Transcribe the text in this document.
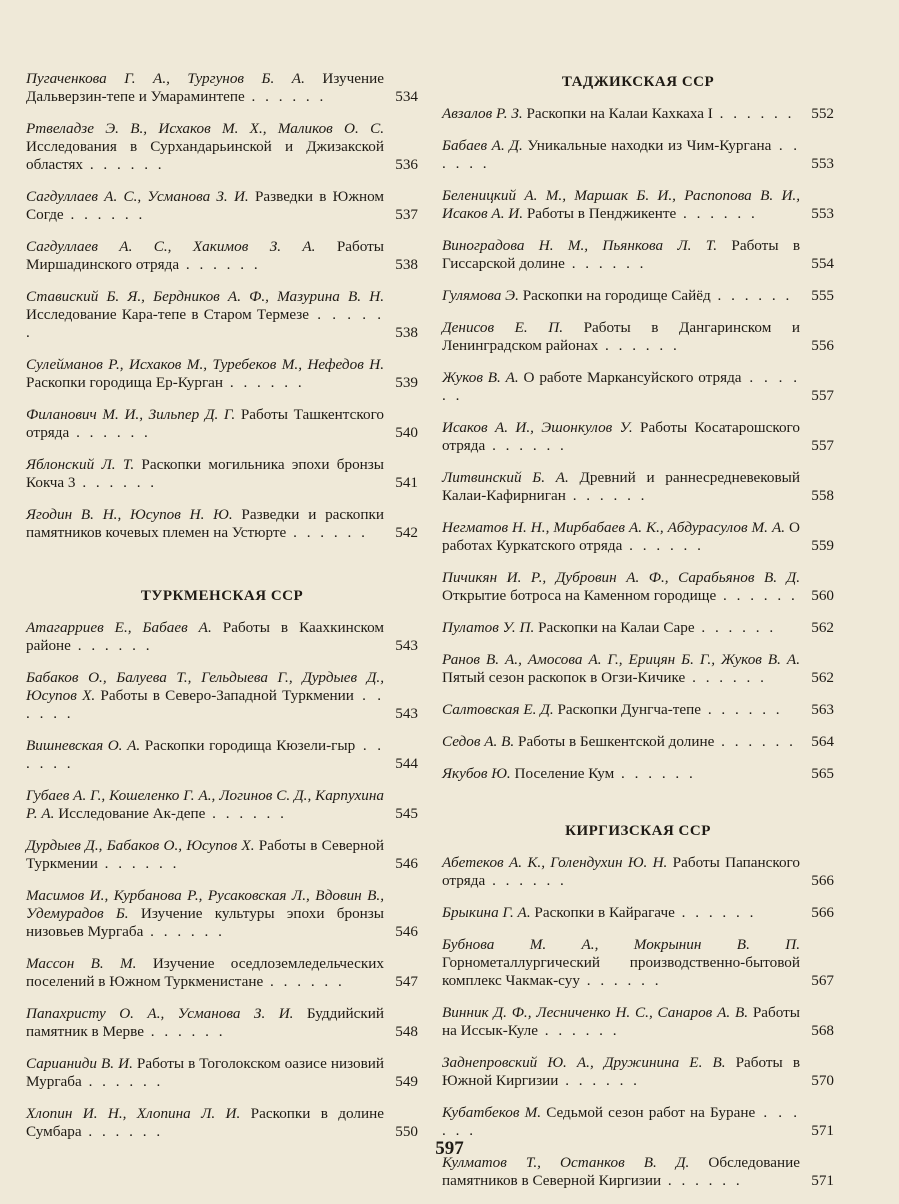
Пугаченкова Г. А., Тургунов Б. А. Изучение Дальверзин-тепе и Умараминтепе . . . . . .	534
Ртвеладзе Э. В., Исхаков М. Х., Маликов О. С. Исследования в Сурхандарьинской и Джизакской областях . . . . . .	536
Сагдуллаев А. С., Усманова З. И. Разведки в Южном Согде . . . . . .	537
Сагдуллаев А. С., Хакимов З. А. Работы Миршадинского отряда . . . . . .	538
Ставиский Б. Я., Бердников А. Ф., Мазурина В. Н. Исследование Кара-тепе в Старом Термезе . . . . . .	538
Сулейманов Р., Исхаков М., Туребеков М., Нефедов Н. Раскопки городища Ер-Курган . . . . . .	539
Филанович М. И., Зильпер Д. Г. Работы Ташкентского отряда . . . . . .	540
Яблонский Л. Т. Раскопки могильника эпохи бронзы Кокча 3 . . . . . .	541
Ягодин В. Н., Юсупов Н. Ю. Разведки и раскопки памятников кочевых племен на Устюрте . . . . . .	542
ТУРКМЕНСКАЯ ССР
Атагарриев Е., Бабаев А. Работы в Каахкинском районе . . . . . .	543
Бабаков О., Балуева Т., Гельдыева Г., Дурдыев Д., Юсупов Х. Работы в Северо-Западной Туркмении . . . . . .	543
Вишневская О. А. Раскопки городища Кюзели-гыр . . . . . .	544
Губаев А. Г., Кошеленко Г. А., Логинов С. Д., Карпухина Р. А. Исследование Ак-депе . . . . . .	545
Дурдыев Д., Бабаков О., Юсупов Х. Работы в Северной Туркмении . . . . . .	546
Масимов И., Курбанова Р., Русаковская Л., Вдовин В., Удемурадов Б. Изучение культуры эпохи бронзы низовьев Мургаба . . . . . .	546
Массон В. М. Изучение оседлоземледельческих поселений в Южном Туркменистане . . . . . .	547
Папахристу О. А., Усманова З. И. Буддийский памятник в Мерве . . . . . .	548
Сарианиди В. И. Работы в Тоголокском оазисе низовий Мургаба . . . . . .	549
Хлопин И. Н., Хлопина Л. И. Раскопки в долине Сумбара . . . . . .	550
ТАДЖИКСКАЯ ССР
Авзалов Р. З. Раскопки на Калаи Кахкаха I . . . . . .	552
Бабаев А. Д. Уникальные находки из Чим-Кургана . . . . . .	553
Беленицкий А. М., Маршак Б. И., Распопова В. И., Исаков А. И. Работы в Пенджикенте . . . . . .	553
Виноградова Н. М., Пьянкова Л. Т. Работы в Гиссарской долине . . . . . .	554
Гулямова Э. Раскопки на городище Сайёд . . . . . .	555
Денисов Е. П. Работы в Дангаринском и Ленинградском районах . . . . . .	556
Жуков В. А. О работе Маркансуйского отряда . . . . . .	557
Исаков А. И., Эшонкулов У. Работы Косатарошского отряда . . . . . .	557
Литвинский Б. А. Древний и раннесредневековый Калаи-Кафирниган . . . . . .	558
Негматов Н. Н., Мирбабаев А. К., Абдурасулов М. А. О работах Куркатского отряда . . . . . .	559
Пичикян И. Р., Дубровин А. Ф., Сарабьянов В. Д. Открытие ботроса на Каменном городище . . . . . . 560
Пулатов У. П. Раскопки на Калаи Саре . . . . . .	562
Ранов В. А., Амосова А. Г., Ерицян Б. Г., Жуков В. А. Пятый сезон раскопок в Огзи-Кичике . . . . . .	562
Салтовская Е. Д. Раскопки Дунгча-тепе . . . . . .	563
Седов А. В. Работы в Бешкентской долине . . . . . .	564
Якубов Ю. Поселение Кум . . . . . .	565
КИРГИЗСКАЯ ССР
Абетеков А. К., Голендухин Ю. Н. Работы Папанского отряда . . . . . .	566
Брыкина Г. А. Раскопки в Кайрагаче . . . . . .	566
Бубнова М. А., Мокрынин В. П. Горнометаллургический производственно-бытовой комплекс Чакмак-суу . . . . . .	567
Винник Д. Ф., Лесниченко Н. С., Санаров А. В. Работы на Иссык-Куле . . . . . .	568
Заднепровский Ю. А., Дружинина Е. В. Работы в Южной Киргизии . . . . . .	570
Кубатбеков М. Седьмой сезон работ на Буране . . . . . .	571
Кулматов Т., Останков В. Д. Обследование памятников в Северной Киргизии . . . . . .	571
597
